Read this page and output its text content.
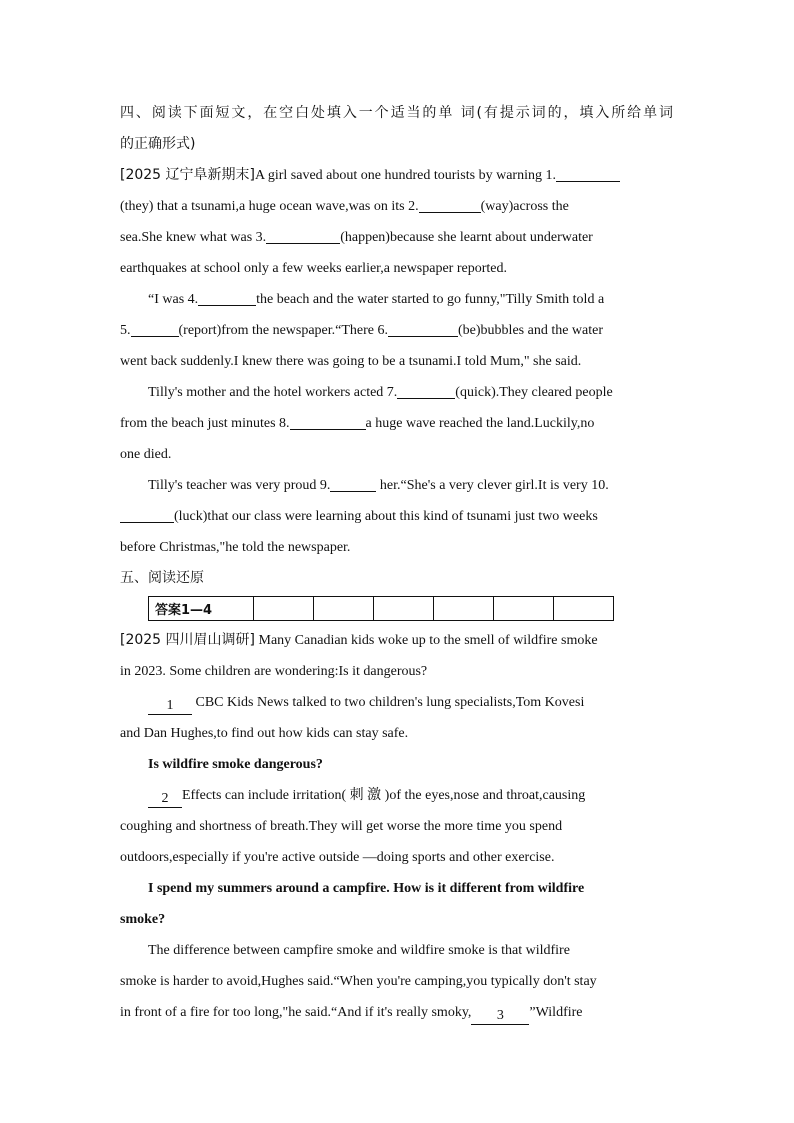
四、阅读下面短文，在空白处填入一个适当的单 词(有提示词的，填入所给单词
的正确形式)
[2025 辽宁阜新期末]A girl saved about one hundred tourists by warning 1.
(they) that a tsunami,a huge ocean wave,was on its 2.	(way)across the
sea.She knew what was 3.	(happen)because she learnt about underwater
earthquakes at school only a few weeks earlier,a newspaper reported.
“I was 4.	the beach and the water started to go funny,"Tilly Smith told a
5.	(report)from the newspaper.“There 6.	(be)bubbles and the water
went back suddenly.I knew there was going to be a tsunami.I told Mum," she said.
Tilly's mother and the hotel workers acted 7.	(quick).They cleared people
from the beach just minutes 8.	a huge wave reached the land.Luckily,no
one died.
Tilly's teacher was very proud 9.	her.“She's a very clever girl.It is very 10.
(luck)that our class were learning about this kind of tsunami just two weeks
before Christmas,"he told the newspaper.
五、阅读还原
答案1—4						
[2025 四川眉山调研] Many Canadian kids woke up to the smell of wildfire smoke
in 2023. Some children are wondering:Is it dangerous?
1 CBC Kids News talked to two children's lung specialists,Tom Kovesi
and Dan Hughes,to find out how kids can stay safe.
Is wildfire smoke dangerous?
2 Effects can include irritation( 刺 激 )of the eyes,nose and throat,causing
coughing and shortness of breath.They will get worse the more time you spend
outdoors,especially if you're active outside —doing sports and other exercise.
I spend my summers around a campfire. How is it different from wildfire
smoke?
The difference between campfire smoke and wildfire smoke is that wildfire
smoke is harder to avoid,Hughes said.“When you're camping,you typically don't stay
in front of a fire for too long,"he said.“And if it's really smoky, 3 ”Wildfire
